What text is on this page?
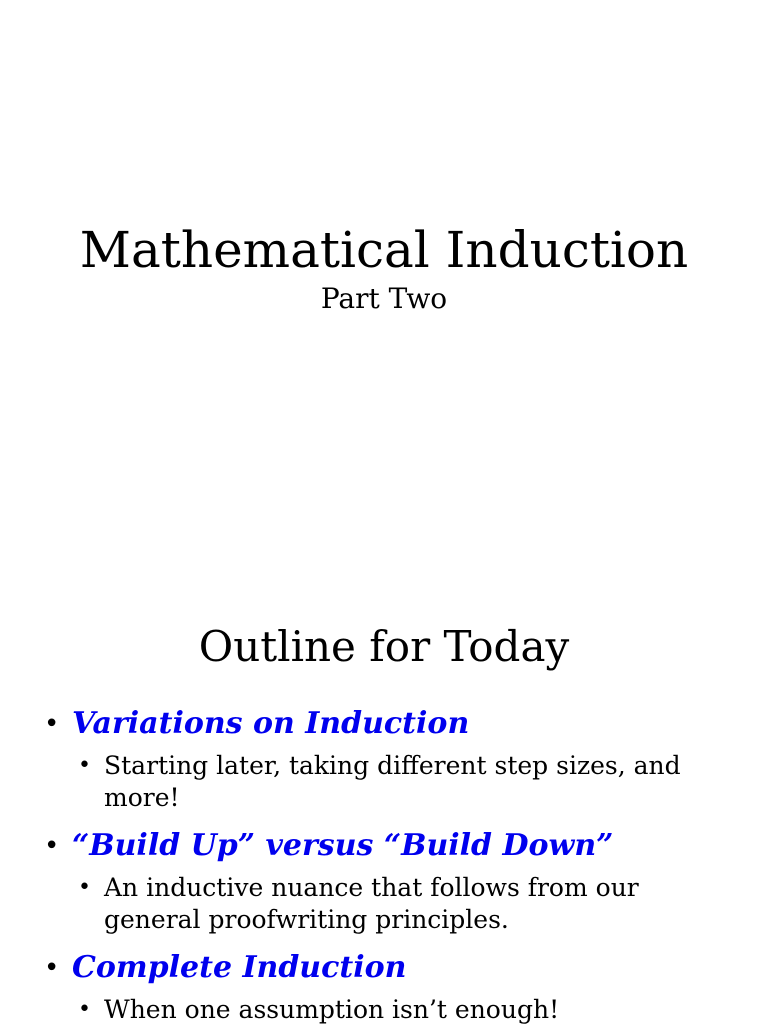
Mathematical Induction

Part Two

Outline for Today
• Variations on Induction
• Starting later, taking different step sizes, and more!
• “Build Up” versus “Build Down”
• An inductive nuance that follows from our general proofwriting principles.
• Complete Induction
• When one assumption isn’t enough!
